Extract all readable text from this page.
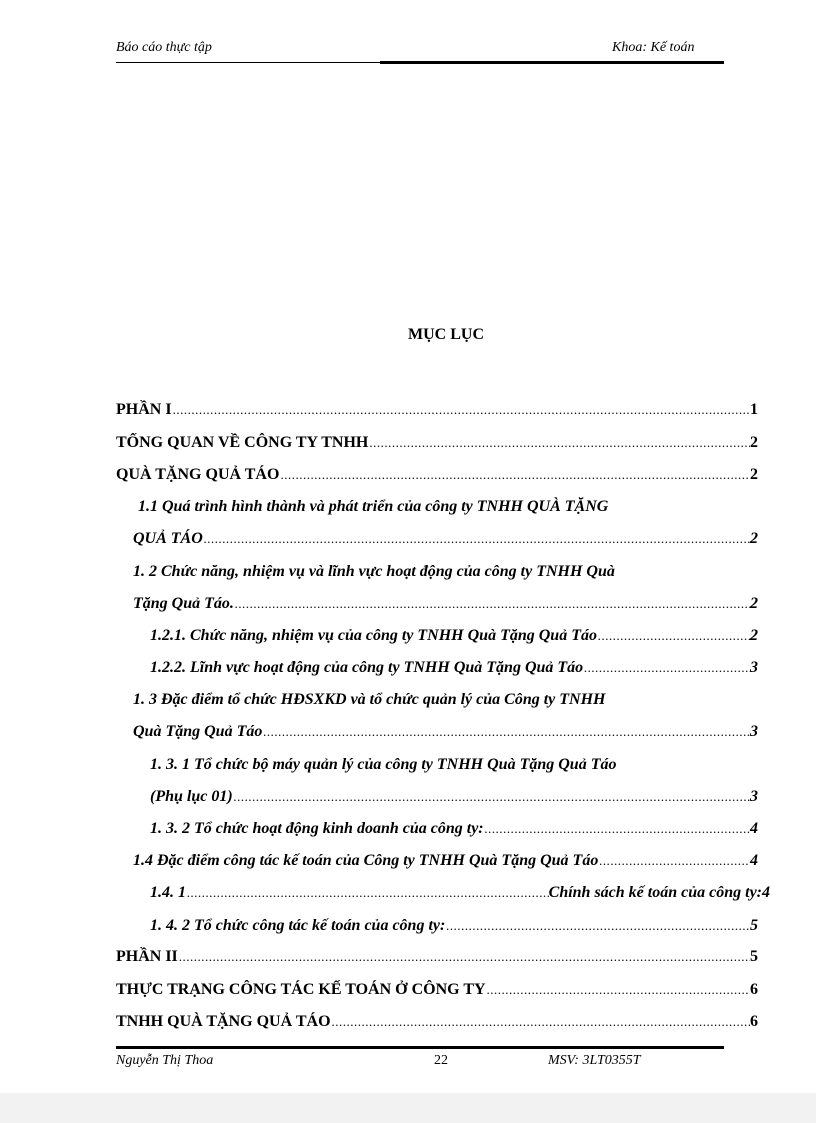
Báo cáo thực tập	Khoa: Kế toán
MỤC LỤC
PHẦN I .....	1
TỔNG QUAN VỀ CÔNG TY TNHH .....	2
QUÀ TẶNG QUẢ TÁO .....	2
1.1 Quá trình hình thành và phát triển của công ty TNHH QUÀ TẶNG
QUẢ TÁO .....	2
1. 2 Chức năng, nhiệm vụ và lĩnh vực hoạt động của công ty TNHH Quà
Tặng Quả Táo. .....	2
1.2.1. Chức năng, nhiệm vụ của công ty TNHH Quà Tặng Quả Táo .....	2
1.2.2. Lĩnh vực hoạt động của công ty TNHH Quà Tặng Quả Táo .....	3
1. 3 Đặc điểm tổ chức HĐSXKD và tổ chức quản lý của Công ty TNHH
Quà Tặng Quả Táo .....	3
1. 3. 1 Tổ chức bộ máy quản lý của công ty TNHH Quà Tặng Quả Táo
(Phụ lục 01) .....	3
1. 3. 2 Tổ chức hoạt động kinh doanh của công ty: .....	4
1.4 Đặc điểm công tác kế toán của Công ty TNHH Quà Tặng Quả Táo .....	4
1.4. 1 .....	Chính sách kế toán của công ty:4
1. 4. 2 Tổ chức công tác kế toán của công ty: .....	5
PHẦN II .....	5
THỰC TRẠNG CÔNG TÁC KẾ TOÁN Ở CÔNG TY .....	6
TNHH QUÀ TẶNG QUẢ TÁO .....	6
Nguyễn Thị Thoa	22	MSV: 3LT0355T
